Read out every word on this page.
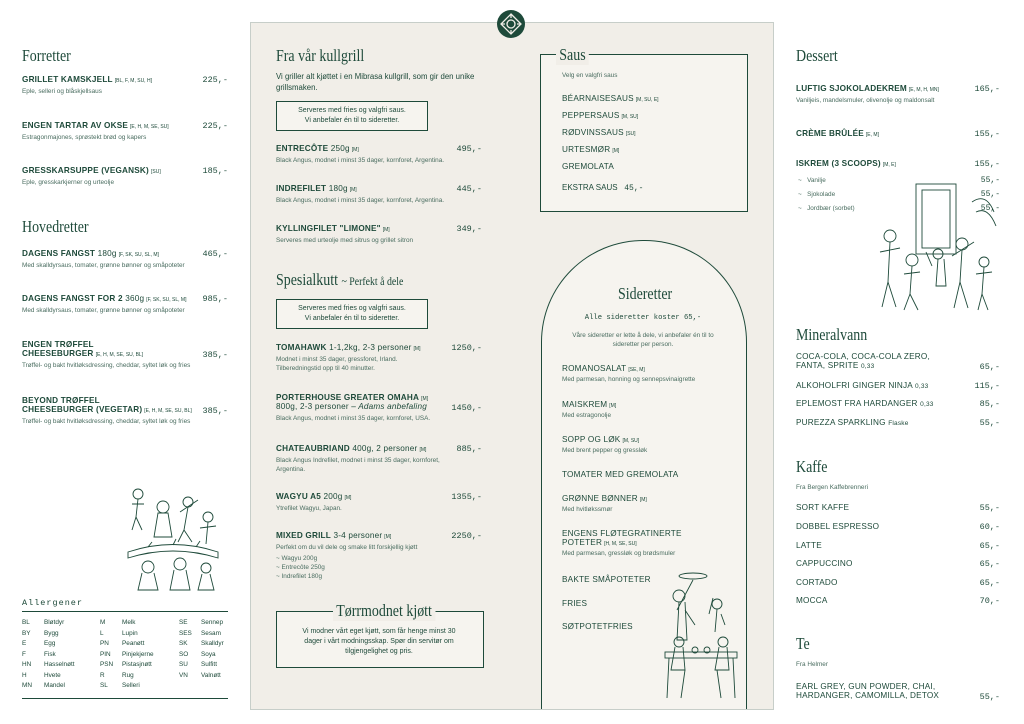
Forretter
GRILLET KAMSKJELL [BL, F, M, SU, H]	225,-
Eple, selleri og blåskjellsaus
ENGEN TARTAR AV OKSE [E, H, M, SE, SU]	225,-
Estragonmajones, sprøstekt brød og kapers
GRESSKARSUPPE (VEGANSK) [SU]	185,-
Eple, gresskarkjerner og urteolje
Hovedretter
DAGENS FANGST 180g [F, SK, SU, SL, M]	465,-
Med skalldyrsaus, tomater, grønne bønner og småpoteter
DAGENS FANGST FOR 2 360g [F, SK, SU, SL, M]	985,-
Med skalldyrsaus, tomater, grønne bønner og småpoteter
ENGEN TRØFFEL
CHEESEBURGER [E, H, M, SE, SU, BL]	385,-
Trøffel- og bakt hvitløksdressing, cheddar, syltet løk og fries
BEYOND TRØFFEL
CHEESEBURGER (VEGETAR) [E, H, M, SE, SU, BL]	385,-
Trøffel- og bakt hvitløksdressing, cheddar, syltet løk og fries
Allergener
BL Bløtdyr	M	Melk	SE Sennep
BY Bygg	L	Lupin	SES Sesam
E	Egg	PN Peanøtt	SK Skalldyr
F	Fisk	PIN Pinjekjerne	SO Soya
HN Hasselnøtt	PSN Pistasjnøtt	SU Sulfitt
H	Hvete	R	Rug	VN Valnøtt
MN Mandel	SL Selleri
Fra vår kullgrill
Vi griller alt kjøttet i en Mibrasa kullgrill, som gir den unike grillsmaken.
Serveres med fries og valgfri saus.
Vi anbefaler én til to sideretter.
ENTRECÔTE 250g [M]	495,-
Black Angus, modnet i minst 35 dager, kornforet, Argentina.
INDREFILET 180g [M]	445,-
Black Angus, modnet i minst 35 dager, kornforet, Argentina.
KYLLINGFILET "LIMONE" [M]	349,-
Serveres med urteolje med sitrus og grillet sitron
Spesialkutt ~ Perfekt å dele
Serveres med fries og valgfri saus.
Vi anbefaler én til to sideretter.
TOMAHAWK 1-1,2kg, 2-3 personer [M]	1250,-
Modnet i minst 35 dager, gressforet, Irland.
Tilberedningstid opp til 40 minutter.
PORTERHOUSE GREATER OMAHA [M]
800g, 2-3 personer – Adams anbefaling	1450,-
Black Angus, modnet i minst 35 dager, kornforet, USA.
CHATEAUBRIAND 400g, 2 personer [M]	885,-
Black Angus Indrefilet, modnet i minst 35 dager, kornforet,
Argentina.
WAGYU A5 200g [M]	1355,-
Ytrefilet Wagyu, Japan.
MIXED GRILL 3-4 personer [M]	2250,-
Perfekt om du vil dele og smake litt forskjellig kjøtt
~ Wagyu 200g
~ Entrecôte 250g
~ Indrefilet 180g
Tørrmodnet kjøtt
Vi modner vårt eget kjøtt, som får henge minst 30 dager i vårt modningsskap. Spør din servitør om tilgjengelighet og pris.
Saus
Velg en valgfri saus
BÉARNAISESAUS [M, SU, E]
PEPPERSAUS [M, SU]
RØDVINSSAUS [SU]
URTESMØR [M]
GREMOLATA
EKSTRA SAUS 45,-
Sideretter
Alle sideretter koster 65,-
Våre sideretter er lette å dele, vi anbefaler én til to sideretter per person.
ROMANOSALAT [SE, M]
Med parmesan, honning og sennepsvinaigrette
MAISKREM [M]
Med estragonolje
SOPP OG LØK [M, SU]
Med brent pepper og gressløk
TOMATER MED GREMOLATA
GRØNNE BØNNER [M]
Med hvitløkssmør
ENGENS FLØTEGRATINERTE
POTETER [H, M, SE, SU]
Med parmesan, gressløk og brødsmuler
BAKTE SMÅPOTETER
FRIES
SØTPOTETFRIES
Dessert
LUFTIG SJOKOLADEKREM [E, M, H, MN]	165,-
Vaniljeis, mandelsmuler, olivenolje og maldonsalt
CRÈME BRÛLÉE [E, M]	155,-
ISKREM (3 SCOOPS) [M, E]	155,-
~   Vanilje	55,-
~   Sjokolade	55,-
~   Jordbær (sorbet)	55,-
Mineralvann
COCA-COLA, COCA-COLA ZERO,
FANTA, SPRITE 0,33	65,-
ALKOHOLFRI GINGER NINJA 0,33	115,-
EPLEMOST FRA HARDANGER 0,33	85,-
PUREZZA SPARKLING Flaske	55,-
Kaffe
Fra Bergen Kaffebrenneri
SORT KAFFE	55,-
DOBBEL ESPRESSO	60,-
LATTE	65,-
CAPPUCCINO	65,-
CORTADO	65,-
MOCCA	70,-
Te
Fra Helmer
EARL GREY, GUN POWDER, CHAI,
HARDANGER, CAMOMILLA, DETOX	55,-
